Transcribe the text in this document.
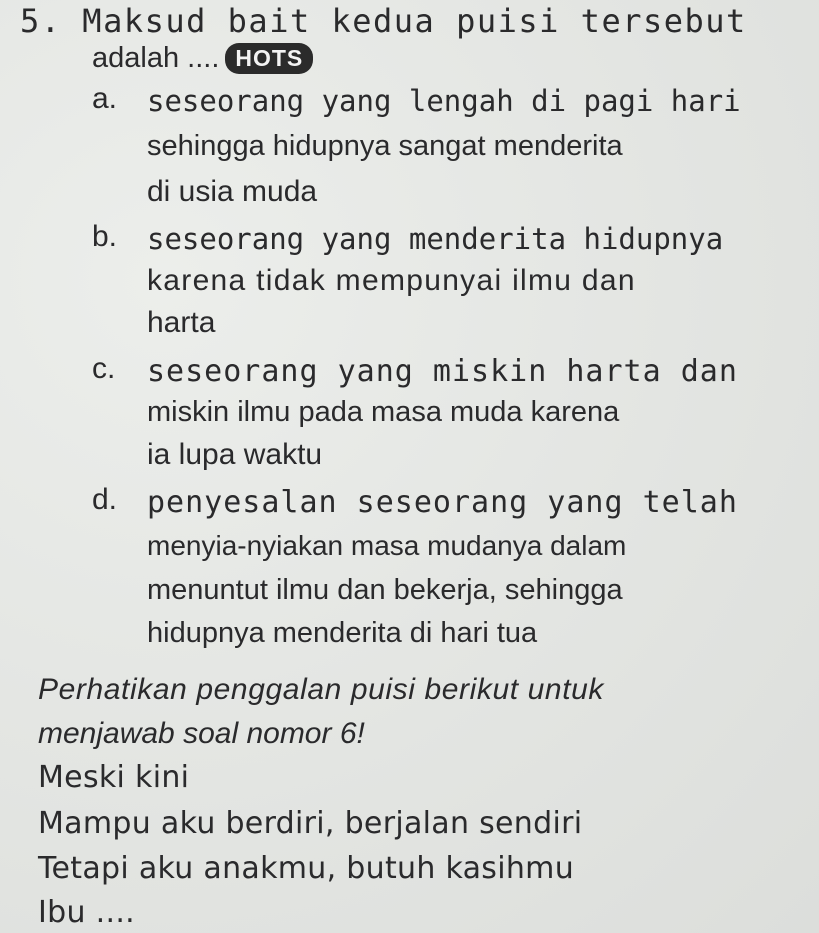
5. Maksud bait kedua puisi tersebut
adalah .... HOTS
a. seseorang yang lengah di pagi hari
sehingga hidupnya sangat menderita
di usia muda
b. seseorang yang menderita hidupnya
karena tidak mempunyai ilmu dan
harta
c. seseorang yang miskin harta dan
miskin ilmu pada masa muda karena
ia lupa waktu
d. penyesalan seseorang yang telah
menyia-nyiakan masa mudanya dalam
menuntut ilmu dan bekerja, sehingga
hidupnya menderita di hari tua
Perhatikan penggalan puisi berikut untuk
menjawab soal nomor 6!
Meski kini
Mampu aku berdiri, berjalan sendiri
Tetapi aku anakmu, butuh kasihmu
Ibu ....
